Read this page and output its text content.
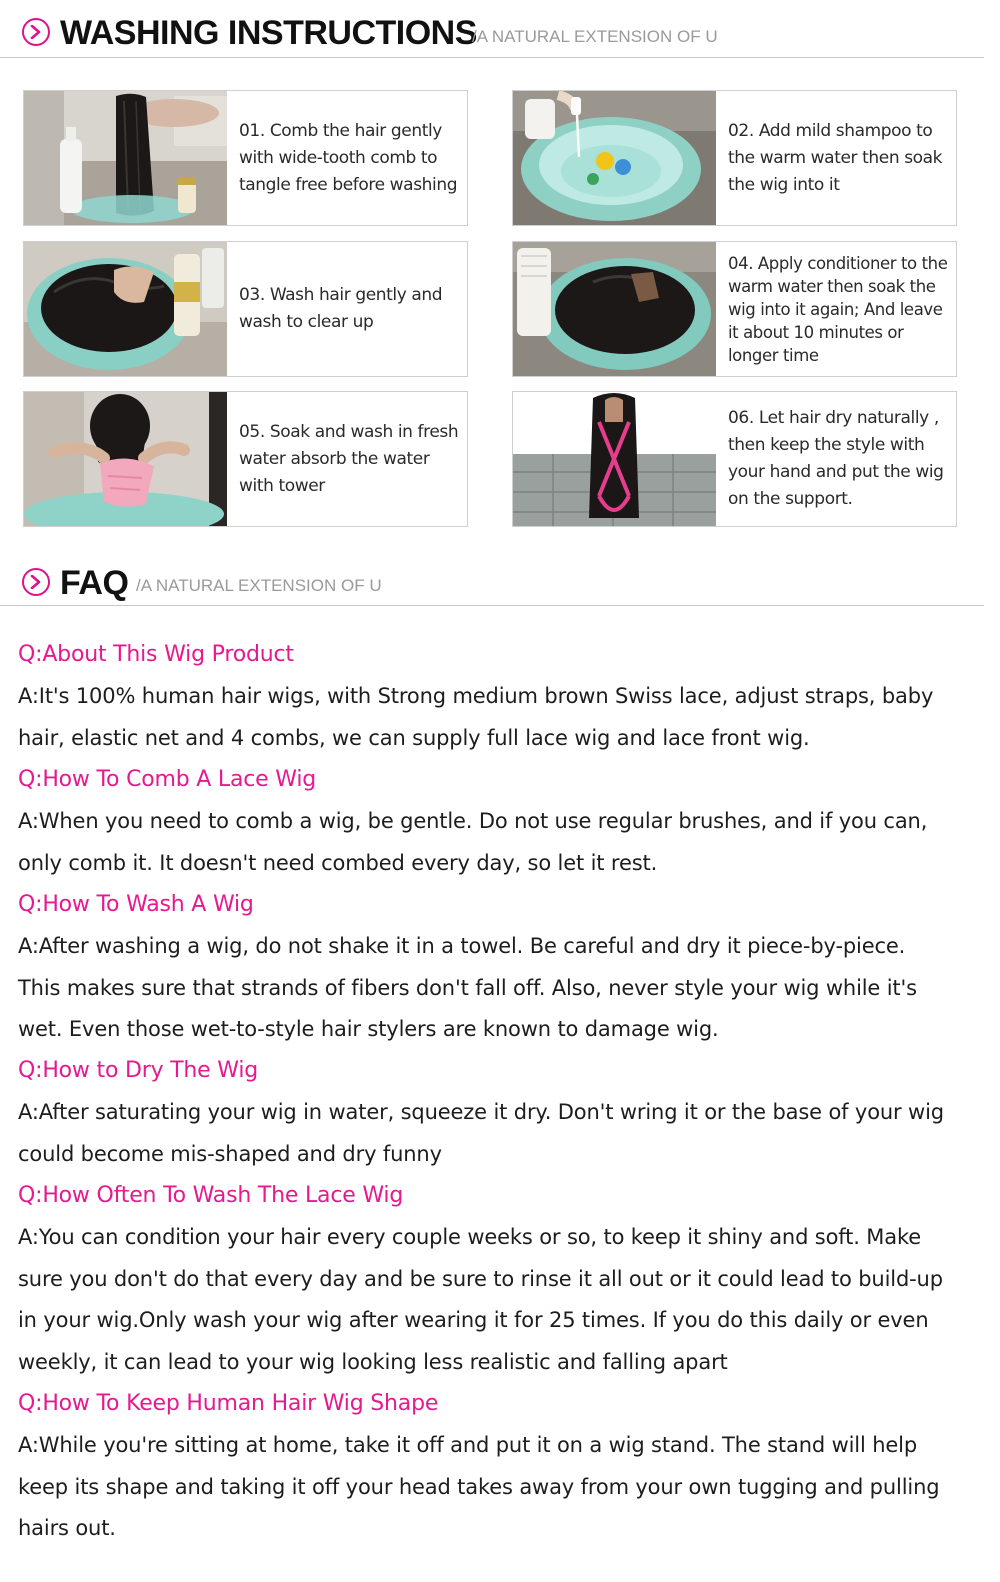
WASHING INSTRUCTIONS
/A NATURAL EXTENSION OF U
01. Comb the hair gently with wide-tooth comb to tangle free before washing
02. Add mild shampoo to the warm water then soak the wig into it
03. Wash hair gently and wash to clear up
04. Apply conditioner to the warm water then soak the wig into it again; And leave it about 10 minutes or longer time
05. Soak and wash in fresh water absorb the water with tower
06. Let hair dry naturally , then keep the style with your hand and put the wig on the support.
FAQ /A NATURAL EXTENSION OF U
Q:About This Wig Product
A:It's 100% human hair wigs, with Strong medium brown Swiss lace, adjust straps, baby hair, elastic net and 4 combs, we can supply full lace wig and lace front wig.
Q:How To Comb A Lace Wig
A:When you need to comb a wig, be gentle. Do not use regular brushes, and if you can, only comb it. It doesn't need combed every day, so let it rest.
Q:How To Wash A Wig
A:After washing a wig, do not shake it in a towel. Be careful and dry it piece-by-piece. This makes sure that strands of fibers don't fall off. Also, never style your wig while it's wet. Even those wet-to-style hair stylers are known to damage wig.
Q:How to Dry The Wig
A:After saturating your wig in water, squeeze it dry. Don't wring it or the base of your wig could become mis-shaped and dry funny
Q:How Often To Wash The Lace Wig
A:You can condition your hair every couple weeks or so, to keep it shiny and soft. Make sure you don't do that every day and be sure to rinse it all out or it could lead to build-up in your wig.Only wash your wig after wearing it for 25 times. If you do this daily or even weekly, it can lead to your wig looking less realistic and falling apart
Q:How To Keep Human Hair Wig Shape
A:While you're sitting at home, take it off and put it on a wig stand. The stand will help keep its shape and taking it off your head takes away from your own tugging and pulling hairs out.
